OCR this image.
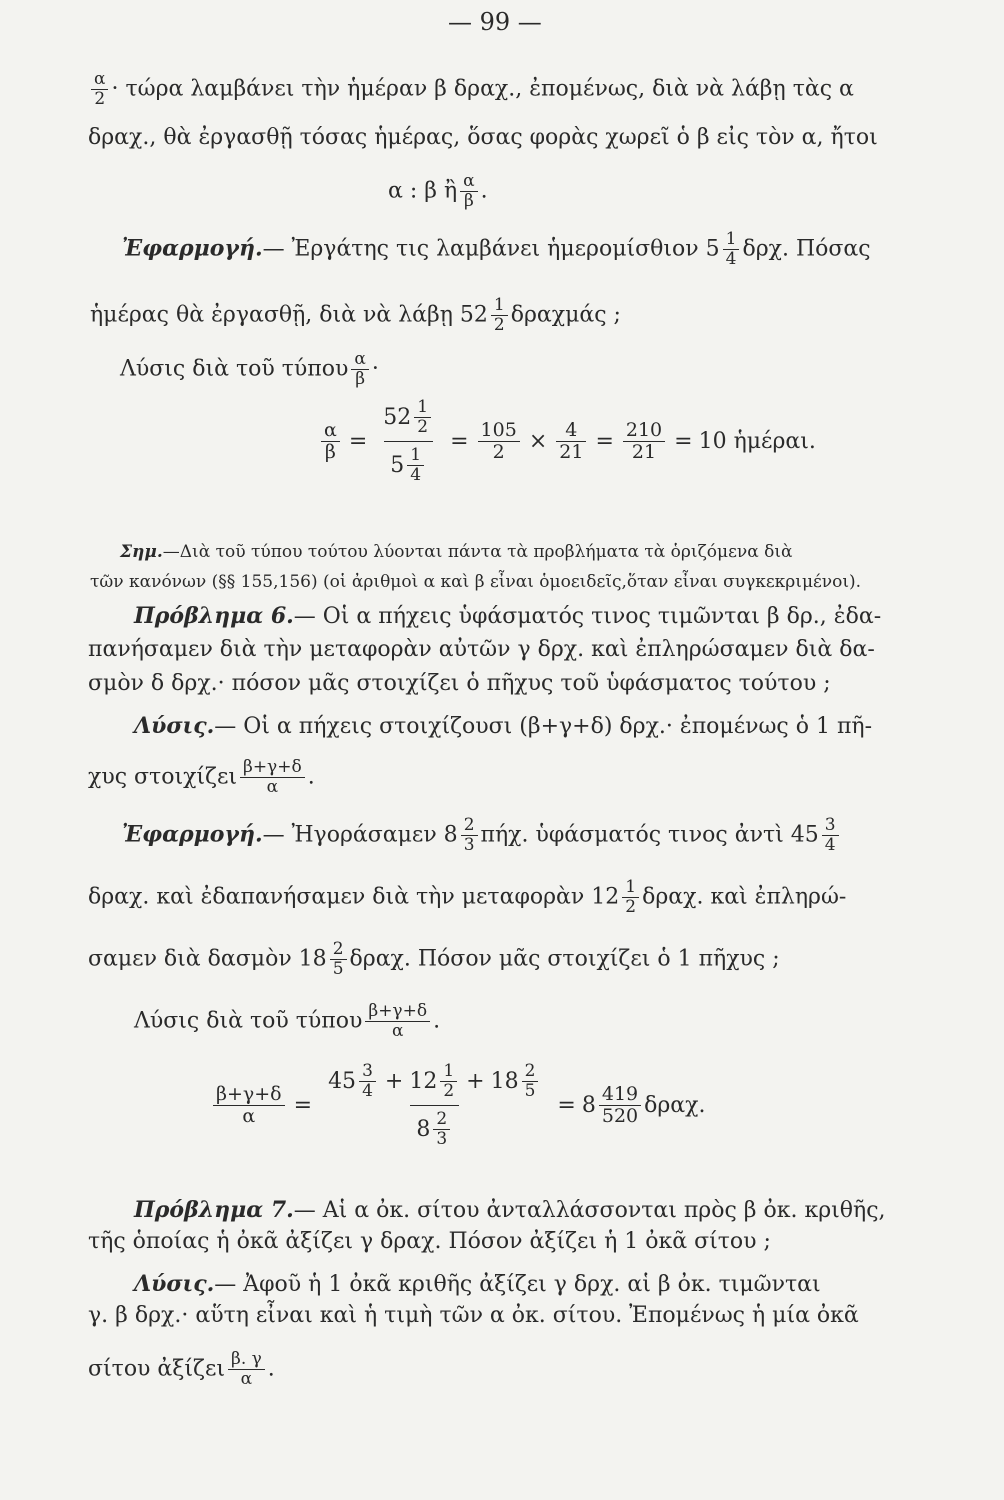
— 99 —
$\frac{\alpha}{2} \cdot \tau ώ\rho\alpha$ λαμβάνει τὴν ἡμέραν β δραχ., ἐπομένως, διὰ νὰ λάβῃ τὰς α
δραχ., θὰ ἐργασθῇ τόσας ἡμέρας, ὅσας φορὰς χωρεῖ ὁ β εἰς τὸν α, ἤτοι
α : β ἢ $\frac{\alpha}{\beta}$ .
Ἐφαρμογή.— Ἐργάτης τις λαμβάνει ἡμερομίσθιον $5 \frac{1}{4} \delta\rho\chi$. Πόσας
ἡμέρας θὰ ἐργασθῇ, διὰ νὰ λάβῃ $52 \frac{1}{2}$ δραχμάς ;
Λύσις διὰ τοῦ τύπου $\frac{\alpha}{\beta}$ ·
$\frac{\alpha}{\beta} = \frac{52 \frac{1}{2}}{5 \frac{1}{4}} = \frac{105}{2} \times \frac{4}{21} = \frac{210}{21} = 10$ ἡμέραι.
Σημ.—Διὰ τοῦ τύπου τούτου λύονται πάντα τὰ προβλήματα τὰ ὁριζόμενα διὰ
τῶν κανόνων (§§ 155,156) (οἱ ἀριθμοὶ α καὶ β εἶναι ὁμοειδεῖς,ὅταν εἶναι συγκεκριμένοι).
Πρόβλημα 6.— Οἱ α πήχεις ὑφάσματός τινος τιμῶνται β δρ., ἐδα-
πανήσαμεν διὰ τὴν μεταφορὰν αὐτῶν γ δρχ. καὶ ἐπληρώσαμεν διὰ δα-
σμὸν δ δρχ.· πόσον μᾶς στοιχίζει ὁ πῆχυς τοῦ ὑφάσματος τούτου ;
Λύσις.— Οἱ α πήχεις στοιχίζουσι (β+γ+δ) δρχ.· ἐπομένως ὁ 1 πῆ-
χυς στοιχίζει $\frac{\beta+\gamma+\delta}{\alpha}$ .
Ἐφαρμογή.— Ἠγοράσαμεν $8 \frac{2}{3} \pi ή\chi$. ὑφάσματός τινος ἀντὶ $45 \frac{3}{4}$
δραχ. καὶ ἐδαπανήσαμεν διὰ τὴν μεταφορὰν $12 \frac{1}{2} \delta\rho\alpha\chi$. καὶ ἐπληρώ-
σαμεν διὰ δασμὸν $18 \frac{2}{5} \delta\rho\alpha\chi$. Πόσον μᾶς στοιχίζει ὁ 1 πῆχυς ;
Λύσις διὰ τοῦ τύπου $\frac{\beta+\gamma+\delta}{\alpha}$ .
$\frac{\beta+\gamma+\delta}{\alpha} = \frac{45 \frac{3}{4} + 12 \frac{1}{2} + 18 \frac{2}{5}}{8 \frac{2}{3}} = 8 \frac{419}{520} \delta\rho\alpha\chi$.
Πρόβλημα 7.— Αἱ α ὀκ. σίτου ἀνταλλάσσονται πρὸς β ὀκ. κριθῆς,
τῆς ὁποίας ἡ ὀκᾶ ἀξίζει γ δραχ. Πόσον ἀξίζει ἡ 1 ὀκᾶ σίτου ;
Λύσις.— Ἀφοῦ ἡ 1 ὀκᾶ κριθῆς ἀξίζει γ δρχ. αἱ β ὀκ. τιμῶνται
γ. β δρχ.· αὕτη εἶναι καὶ ἡ τιμὴ τῶν α ὀκ. σίτου. Ἐπομένως ἡ μία ὀκᾶ
σίτου ἀξίζει $\frac{\beta. \gamma}{\alpha}$ .
